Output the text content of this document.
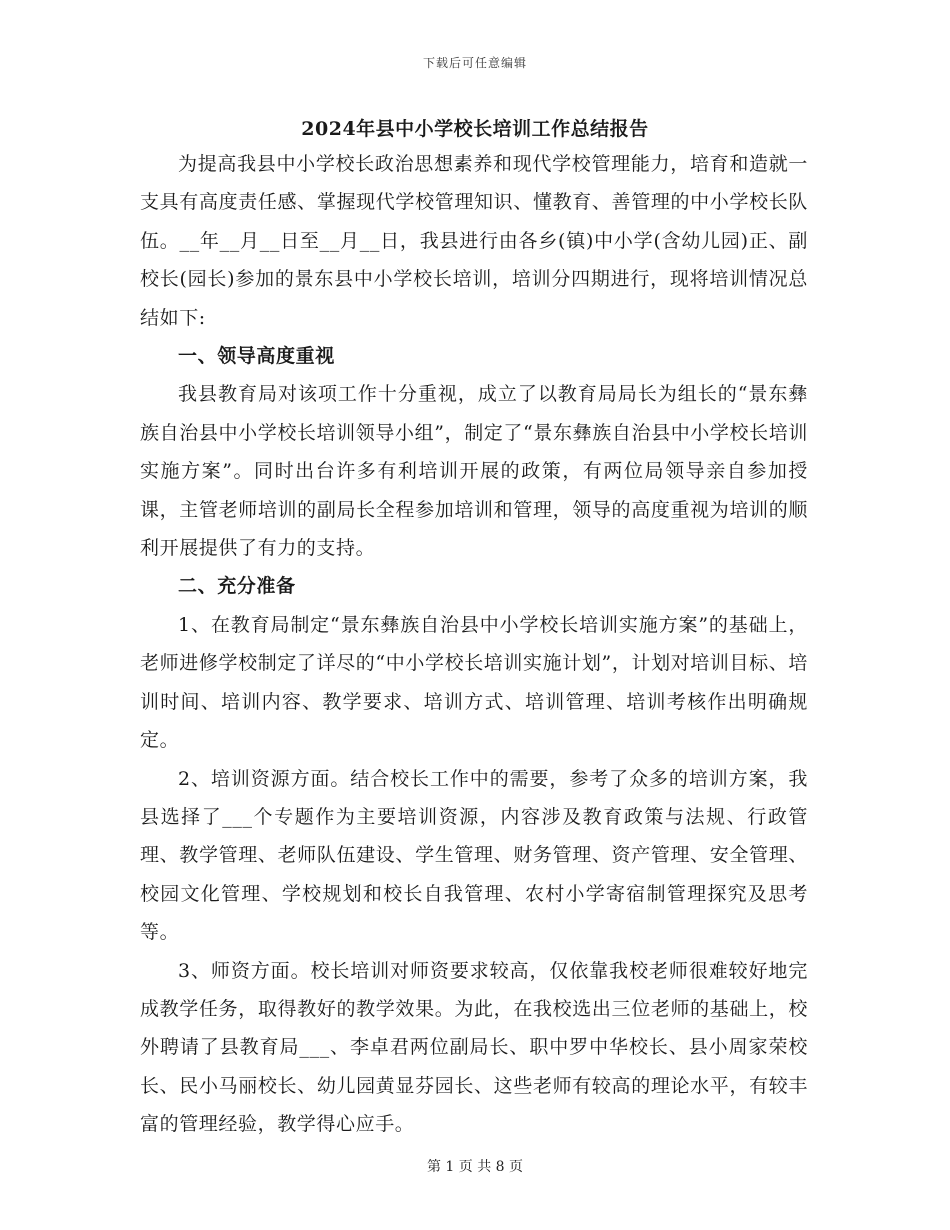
下载后可任意编辑
2024年县中小学校长培训工作总结报告

为提高我县中小学校长政治思想素养和现代学校管理能力，培育和造就一支具有高度责任感、掌握现代学校管理知识、懂教育、善管理的中小学校长队伍。__年__月__日至__月__日，我县进行由各乡(镇)中小学(含幼儿园)正、副校长(园长)参加的景东县中小学校长培训，培训分四期进行，现将培训情况总结如下:

一、领导高度重视

我县教育局对该项工作十分重视，成立了以教育局局长为组长的“景东彝族自治县中小学校长培训领导小组”，制定了“景东彝族自治县中小学校长培训实施方案”。同时出台许多有利培训开展的政策，有两位局领导亲自参加授课，主管老师培训的副局长全程参加培训和管理，领导的高度重视为培训的顺利开展提供了有力的支持。

二、充分准备

1、在教育局制定“景东彝族自治县中小学校长培训实施方案”的基础上，老师进修学校制定了详尽的“中小学校长培训实施计划”，计划对培训目标、培训时间、培训内容、教学要求、培训方式、培训管理、培训考核作出明确规定。

2、培训资源方面。结合校长工作中的需要，参考了众多的培训方案，我县选择了___个专题作为主要培训资源，内容涉及教育政策与法规、行政管理、教学管理、老师队伍建设、学生管理、财务管理、资产管理、安全管理、校园文化管理、学校规划和校长自我管理、农村小学寄宿制管理探究及思考等。

3、师资方面。校长培训对师资要求较高，仅依靠我校老师很难较好地完成教学任务，取得教好的教学效果。为此，在我校选出三位老师的基础上，校外聘请了县教育局___、李卓君两位副局长、职中罗中华校长、县小周家荣校长、民小马丽校长、幼儿园黄显芬园长、这些老师有较高的理论水平，有较丰富的管理经验，教学得心应手。

第 1 页 共 8 页
